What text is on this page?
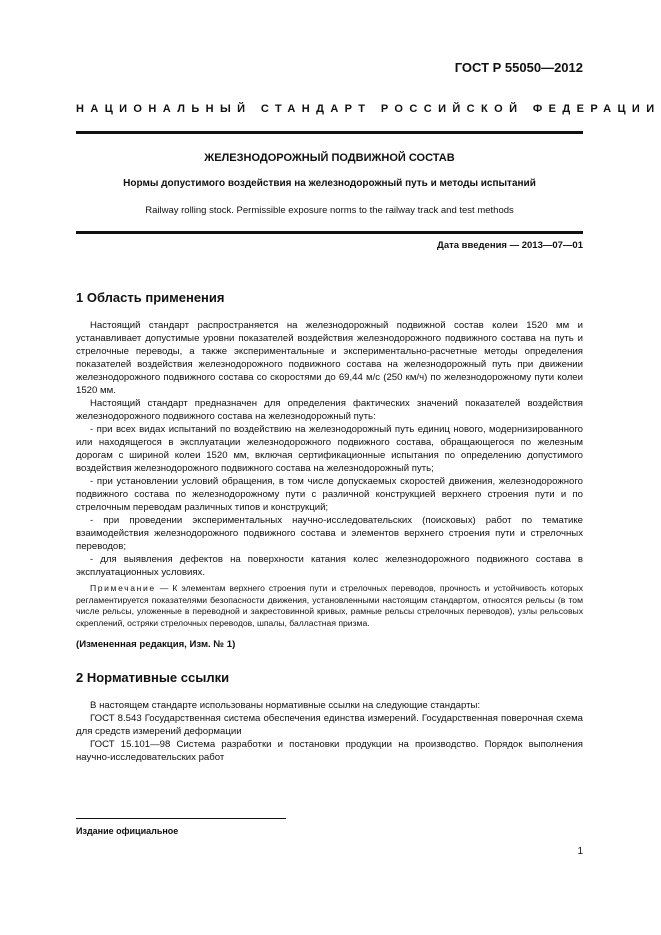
ГОСТ Р 55050—2012
НАЦИОНАЛЬНЫЙ СТАНДАРТ РОССИЙСКОЙ ФЕДЕРАЦИИ
ЖЕЛЕЗНОДОРОЖНЫЙ ПОДВИЖНОЙ СОСТАВ
Нормы допустимого воздействия на железнодорожный путь и методы испытаний
Railway rolling stock. Permissible exposure norms to the railway track and test methods
Дата введения — 2013—07—01
1 Область применения

Настоящий стандарт распространяется на железнодорожный подвижной состав колеи 1520 мм и устанавливает допустимые уровни показателей воздействия железнодорожного подвижного состава на путь и стрелочные переводы, а также экспериментальные и экспериментально-расчетные методы определения показателей воздействия железнодорожного подвижного состава на железнодорожный путь при движении железнодорожного подвижного состава со скоростями до 69,44 м/с (250 км/ч) по железнодорожному пути колеи 1520 мм.

Настоящий стандарт предназначен для определения фактических значений показателей воздействия железнодорожного подвижного состава на железнодорожный путь:

- при всех видах испытаний по воздействию на железнодорожный путь единиц нового, модернизированного или находящегося в эксплуатации железнодорожного подвижного состава, обращающегося по железным дорогам с шириной колеи 1520 мм, включая сертификационные испытания по определению допустимого воздействия железнодорожного подвижного состава на железнодорожный путь;

- при установлении условий обращения, в том числе допускаемых скоростей движения, железнодорожного подвижного состава по железнодорожному пути с различной конструкцией верхнего строения пути и по стрелочным переводам различных типов и конструкций;

- при проведении экспериментальных научно-исследовательских (поисковых) работ по тематике взаимодействия железнодорожного подвижного состава и элементов верхнего строения пути и стрелочных переводов;

- для выявления дефектов на поверхности катания колес железнодорожного подвижного состава в эксплуатационных условиях.

Примечание — К элементам верхнего строения пути и стрелочных переводов, прочность и устойчивость которых регламентируется показателями безопасности движения, установленными настоящим стандартом, относятся рельсы (в том числе рельсы, уложенные в переводной и закрестовинной кривых, рамные рельсы стрелочных переводов), узлы рельсовых скреплений, остряки стрелочных переводов, шпалы, балластная призма.

(Измененная редакция, Изм. № 1)

2 Нормативные ссылки

В настоящем стандарте использованы нормативные ссылки на следующие стандарты:

ГОСТ 8.543 Государственная система обеспечения единства измерений. Государственная поверочная схема для средств измерений деформации

ГОСТ 15.101—98 Система разработки и постановки продукции на производство. Порядок выполнения научно-исследовательских работ

Издание официальное
1
